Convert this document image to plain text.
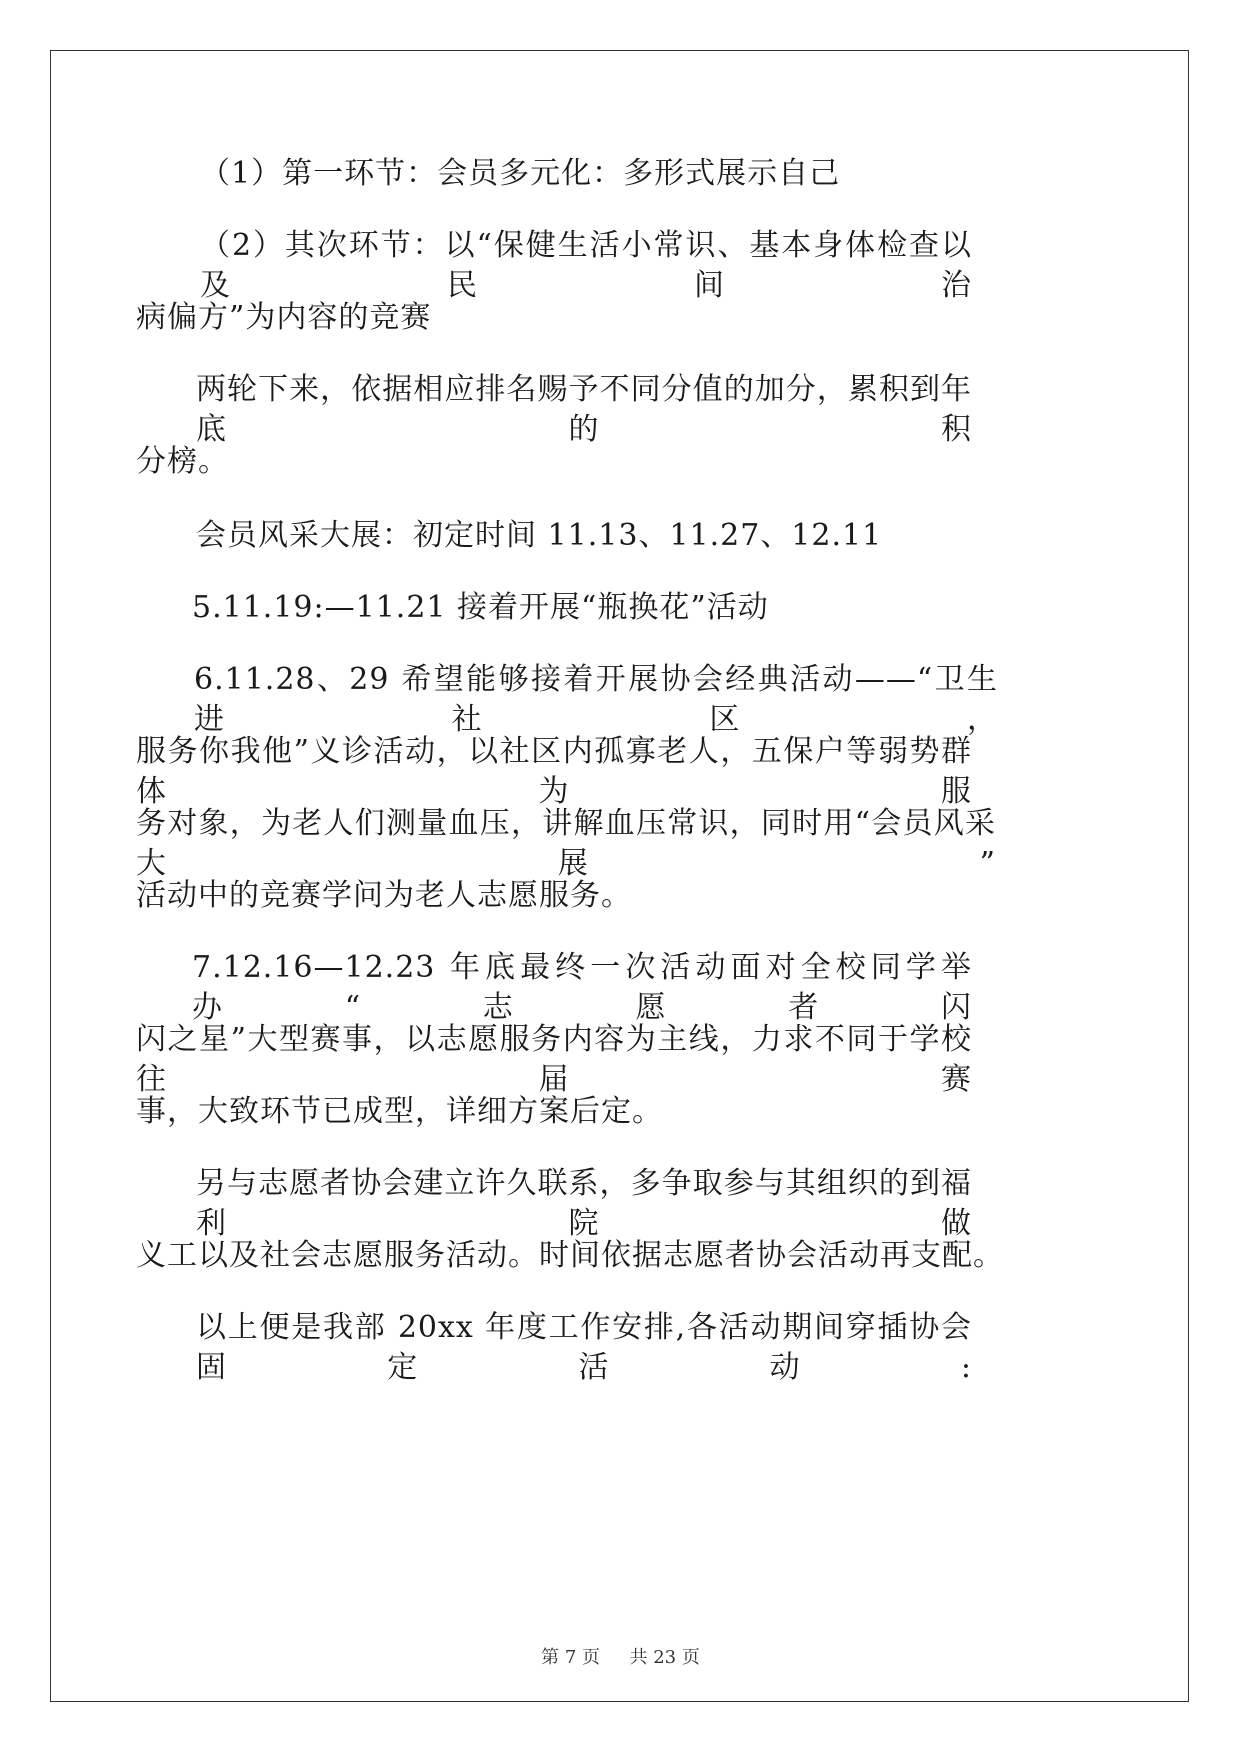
（1）第一环节：会员多元化：多形式展示自己
（2）其次环节：以“保健生活小常识、基本身体检查以及民间治
病偏方”为内容的竞赛
两轮下来，依据相应排名赐予不同分值的加分，累积到年底的积
分榜。
会员风采大展：初定时间 11.13、11.27、12.11
5.11.19:—11.21 接着开展“瓶换花”活动
6.11.28、29 希望能够接着开展协会经典活动——“卫生进社区，
服务你我他”义诊活动，以社区内孤寡老人，五保户等弱势群体为服
务对象，为老人们测量血压，讲解血压常识，同时用“会员风采大展”
活动中的竞赛学问为老人志愿服务。
7.12.16—12.23 年底最终一次活动面对全校同学举办“志愿者闪
闪之星”大型赛事，以志愿服务内容为主线，力求不同于学校往届赛
事，大致环节已成型，详细方案后定。
另与志愿者协会建立许久联系，多争取参与其组织的到福利院做
义工以及社会志愿服务活动。时间依据志愿者协会活动再支配。
以上便是我部 20xx 年度工作安排,各活动期间穿插协会固定活动:
第 7 页 共 23 页
